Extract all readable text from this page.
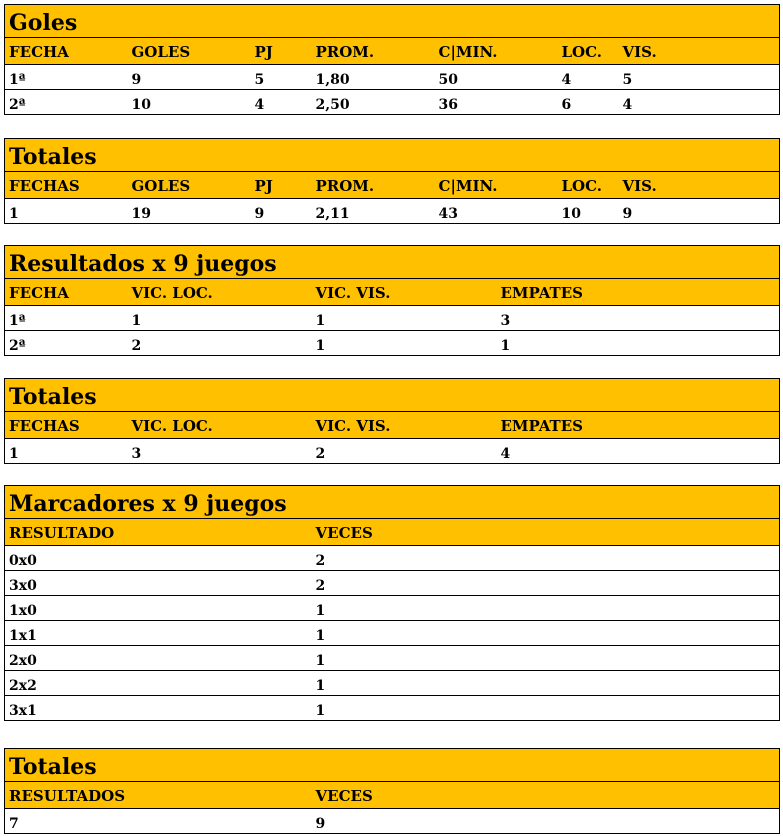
Goles						
FECHA	GOLES	PJ	PROM.	C|MIN.	LOC.	VIS.
1ª	9	5	1,80	50	4	5
2ª	10	4	2,50	36	6	4
Totales						
FECHAS	GOLES	PJ	PROM.	C|MIN.	LOC.	VIS.
1	19	9	2,11	43	10	9
Resultados x 9 juegos			
FECHA	VIC. LOC.	VIC. VIS.	EMPATES
1ª	1	1	3
2ª	2	1	1
Totales			
FECHAS	VIC. LOC.	VIC. VIS.	EMPATES
1	3	2	4
Marcadores x 9 juegos	
RESULTADO	VECES
0x0	2
3x0	2
1x0	1
1x1	1
2x0	1
2x2	1
3x1	1
Totales	
RESULTADOS	VECES
7	9
